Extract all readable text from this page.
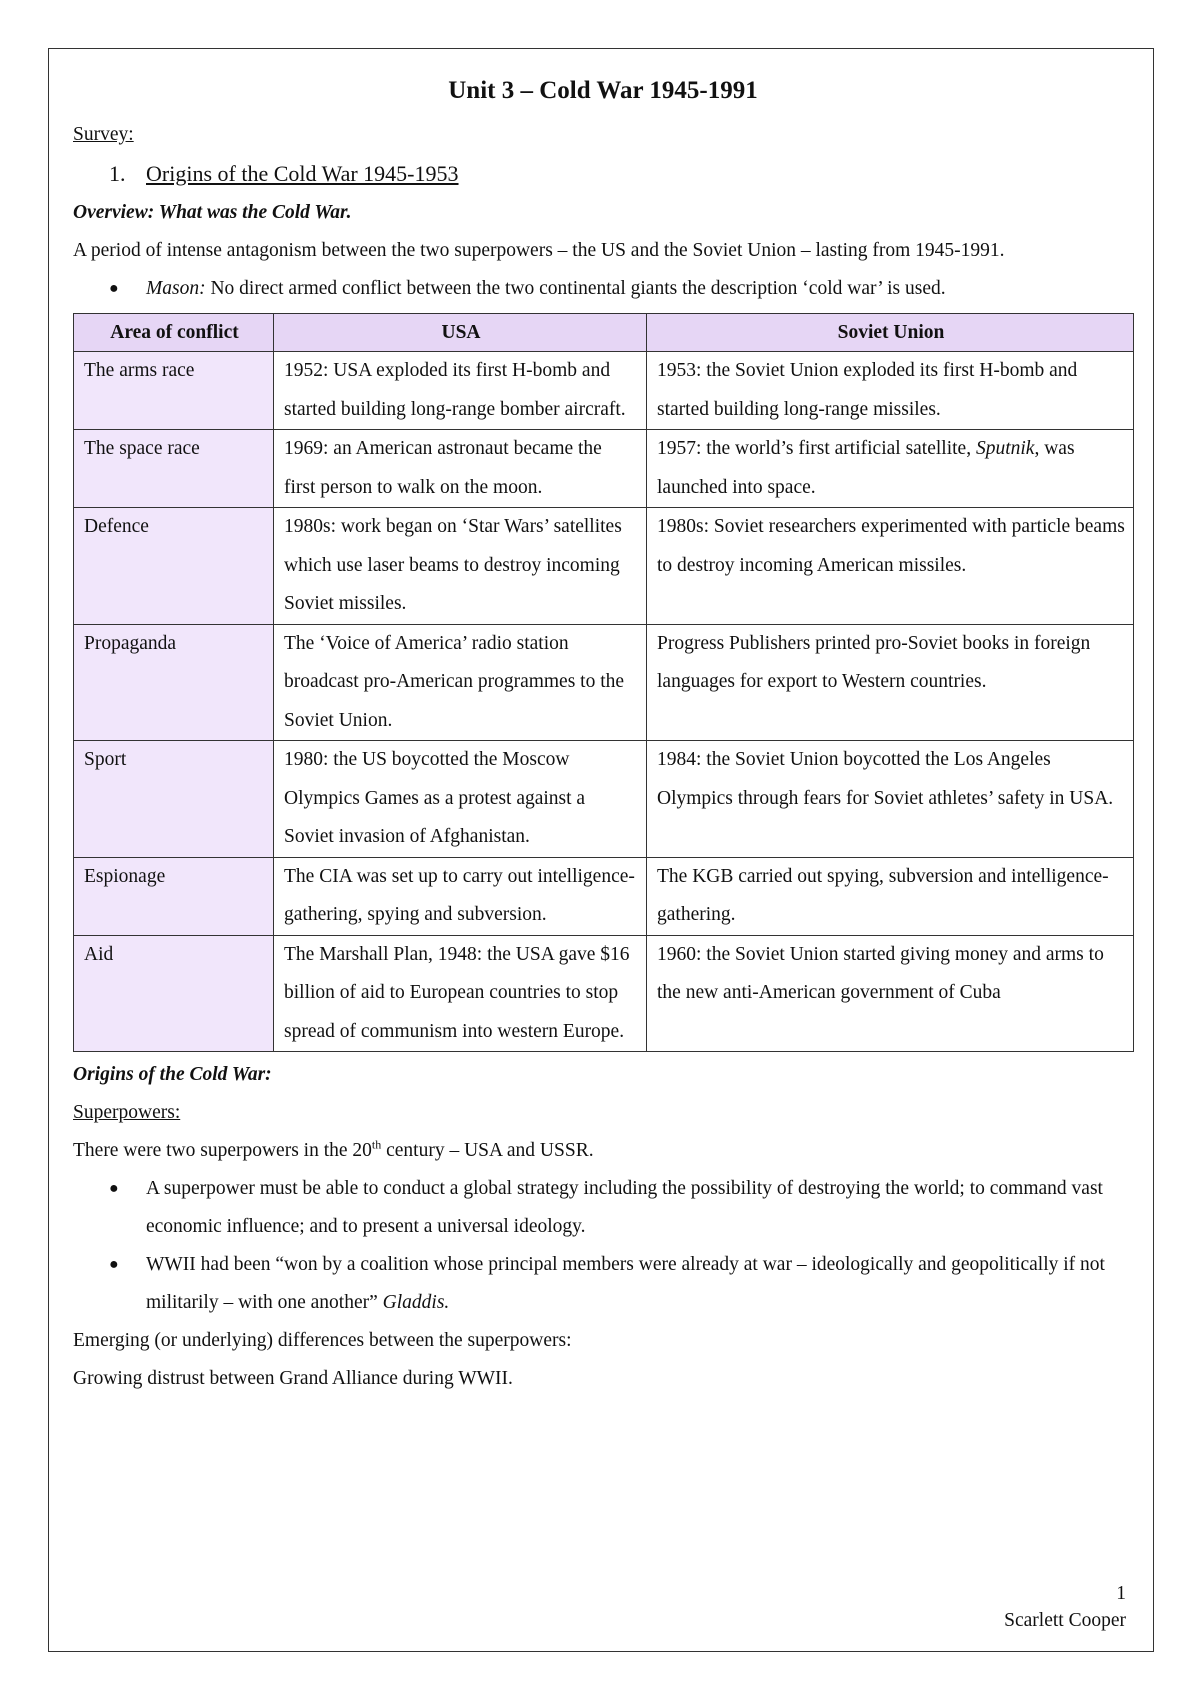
Unit 3 – Cold War 1945-1991

Survey:

1. Origins of the Cold War 1945-1953

Overview: What was the Cold War.

A period of intense antagonism between the two superpowers – the US and the Soviet Union – lasting from 1945-1991.

●	Mason: No direct armed conflict between the two continental giants the description ‘cold war’ is used.
Area of conflict	USA	Soviet Union
The arms race	1952: USA exploded its first H-bomb and started building long-range bomber aircraft.	1953: the Soviet Union exploded its first H-bomb and started building long-range missiles.
The space race	1969: an American astronaut became the first person to walk on the moon.	1957: the world’s first artificial satellite, Sputnik, was launched into space.
Defence	1980s: work began on ‘Star Wars’ satellites which use laser beams to destroy incoming Soviet missiles.	1980s: Soviet researchers experimented with particle beams to destroy incoming American missiles.
Propaganda	The ‘Voice of America’ radio station broadcast pro-American programmes to the Soviet Union.	Progress Publishers printed pro-Soviet books in foreign languages for export to Western countries.
Sport	1980: the US boycotted the Moscow Olympics Games as a protest against a Soviet invasion of Afghanistan.	1984: the Soviet Union boycotted the Los Angeles Olympics through fears for Soviet athletes’ safety in USA.
Espionage	The CIA was set up to carry out intelligence-gathering, spying and subversion.	The KGB carried out spying, subversion and intelligence-gathering.
Aid	The Marshall Plan, 1948: the USA gave $16 billion of aid to European countries to stop spread of communism into western Europe.	1960: the Soviet Union started giving money and arms to the new anti-American government of Cuba

Origins of the Cold War:

Superpowers:

There were two superpowers in the 20th century – USA and USSR.

●	A superpower must be able to conduct a global strategy including the possibility of destroying the world; to command vast economic influence; and to present a universal ideology.
●	WWII had been “won by a coalition whose principal members were already at war – ideologically and geopolitically if not militarily – with one another” Gladdis.

Emerging (or underlying) differences between the superpowers:

Growing distrust between Grand Alliance during WWII.

1
Scarlett Cooper
